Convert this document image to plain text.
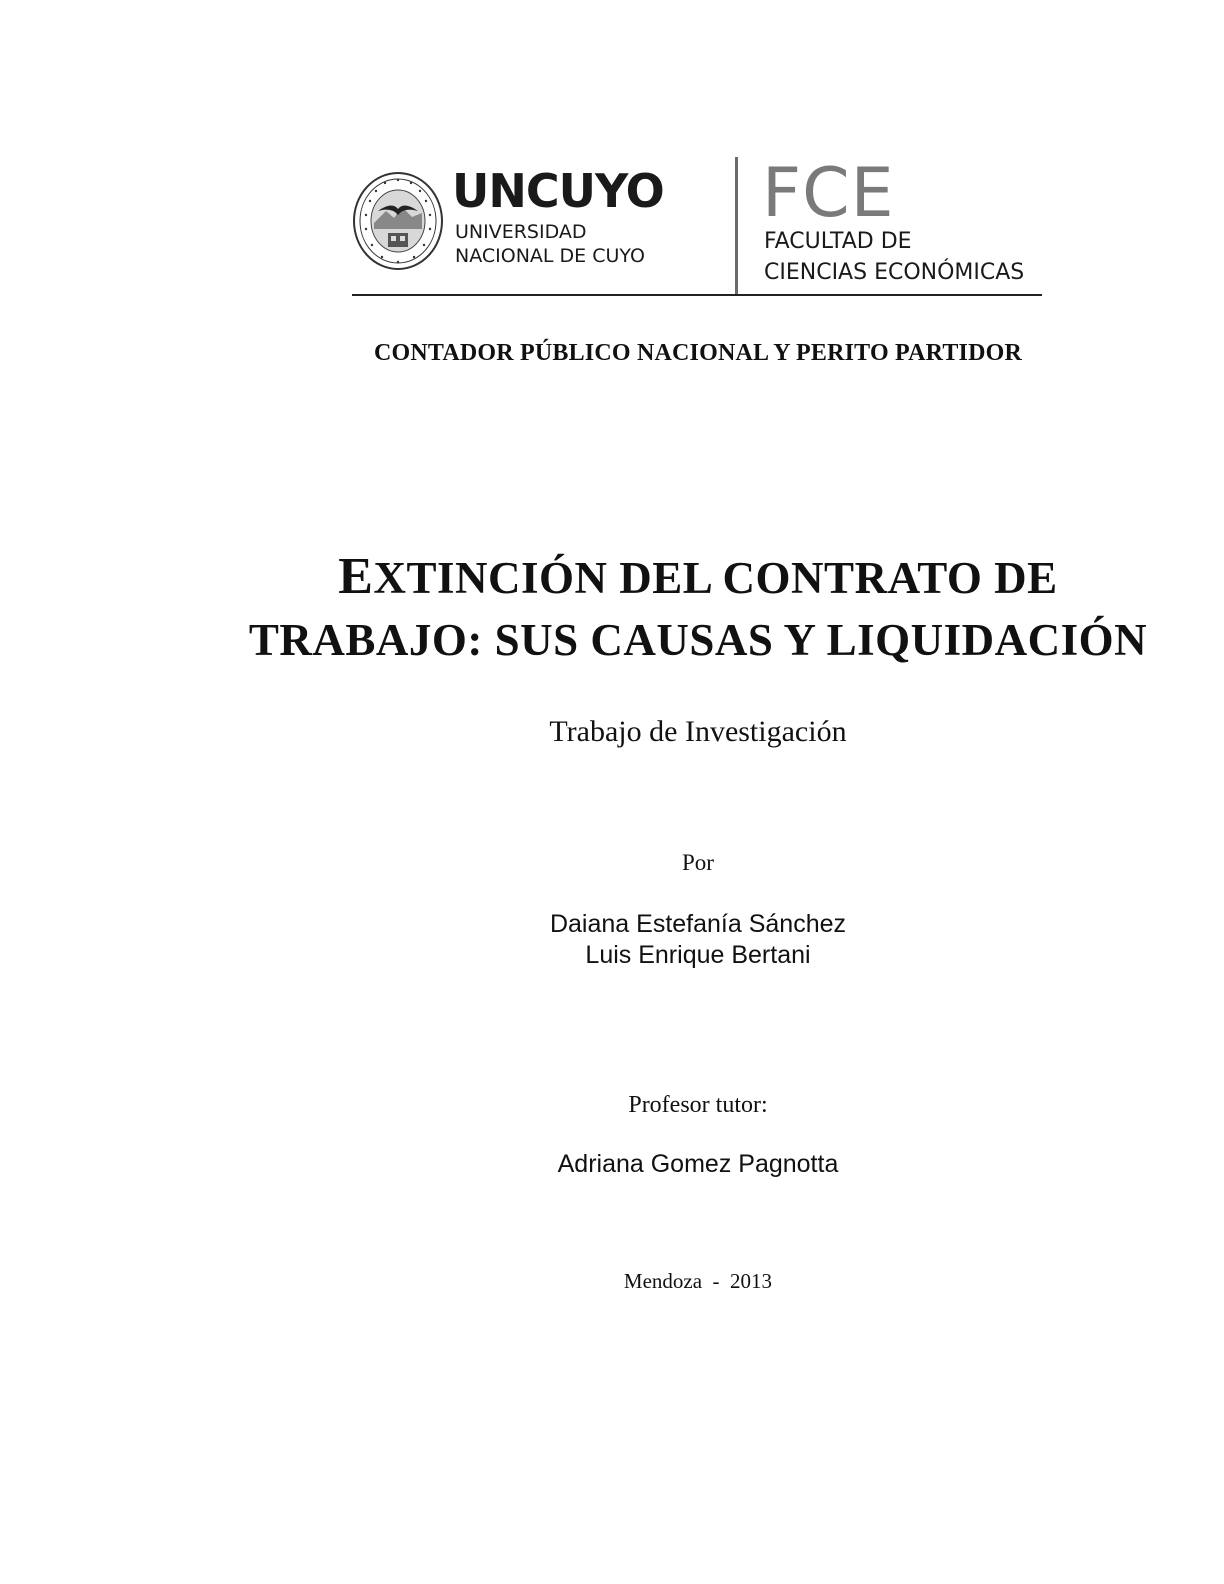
UNCUYO
UNIVERSIDAD
NACIONAL DE CUYO
FCE
FACULTAD DE
CIENCIAS ECONÓMICAS
CONTADOR PÚBLICO NACIONAL Y PERITO PARTIDOR
EXTINCIÓN DEL CONTRATO DE
TRABAJO: SUS CAUSAS Y LIQUIDACIÓN
Trabajo de Investigación
Por
Daiana Estefanía Sánchez
Luis Enrique Bertani
Profesor tutor:
Adriana Gomez Pagnotta
Mendoza  -  2013
